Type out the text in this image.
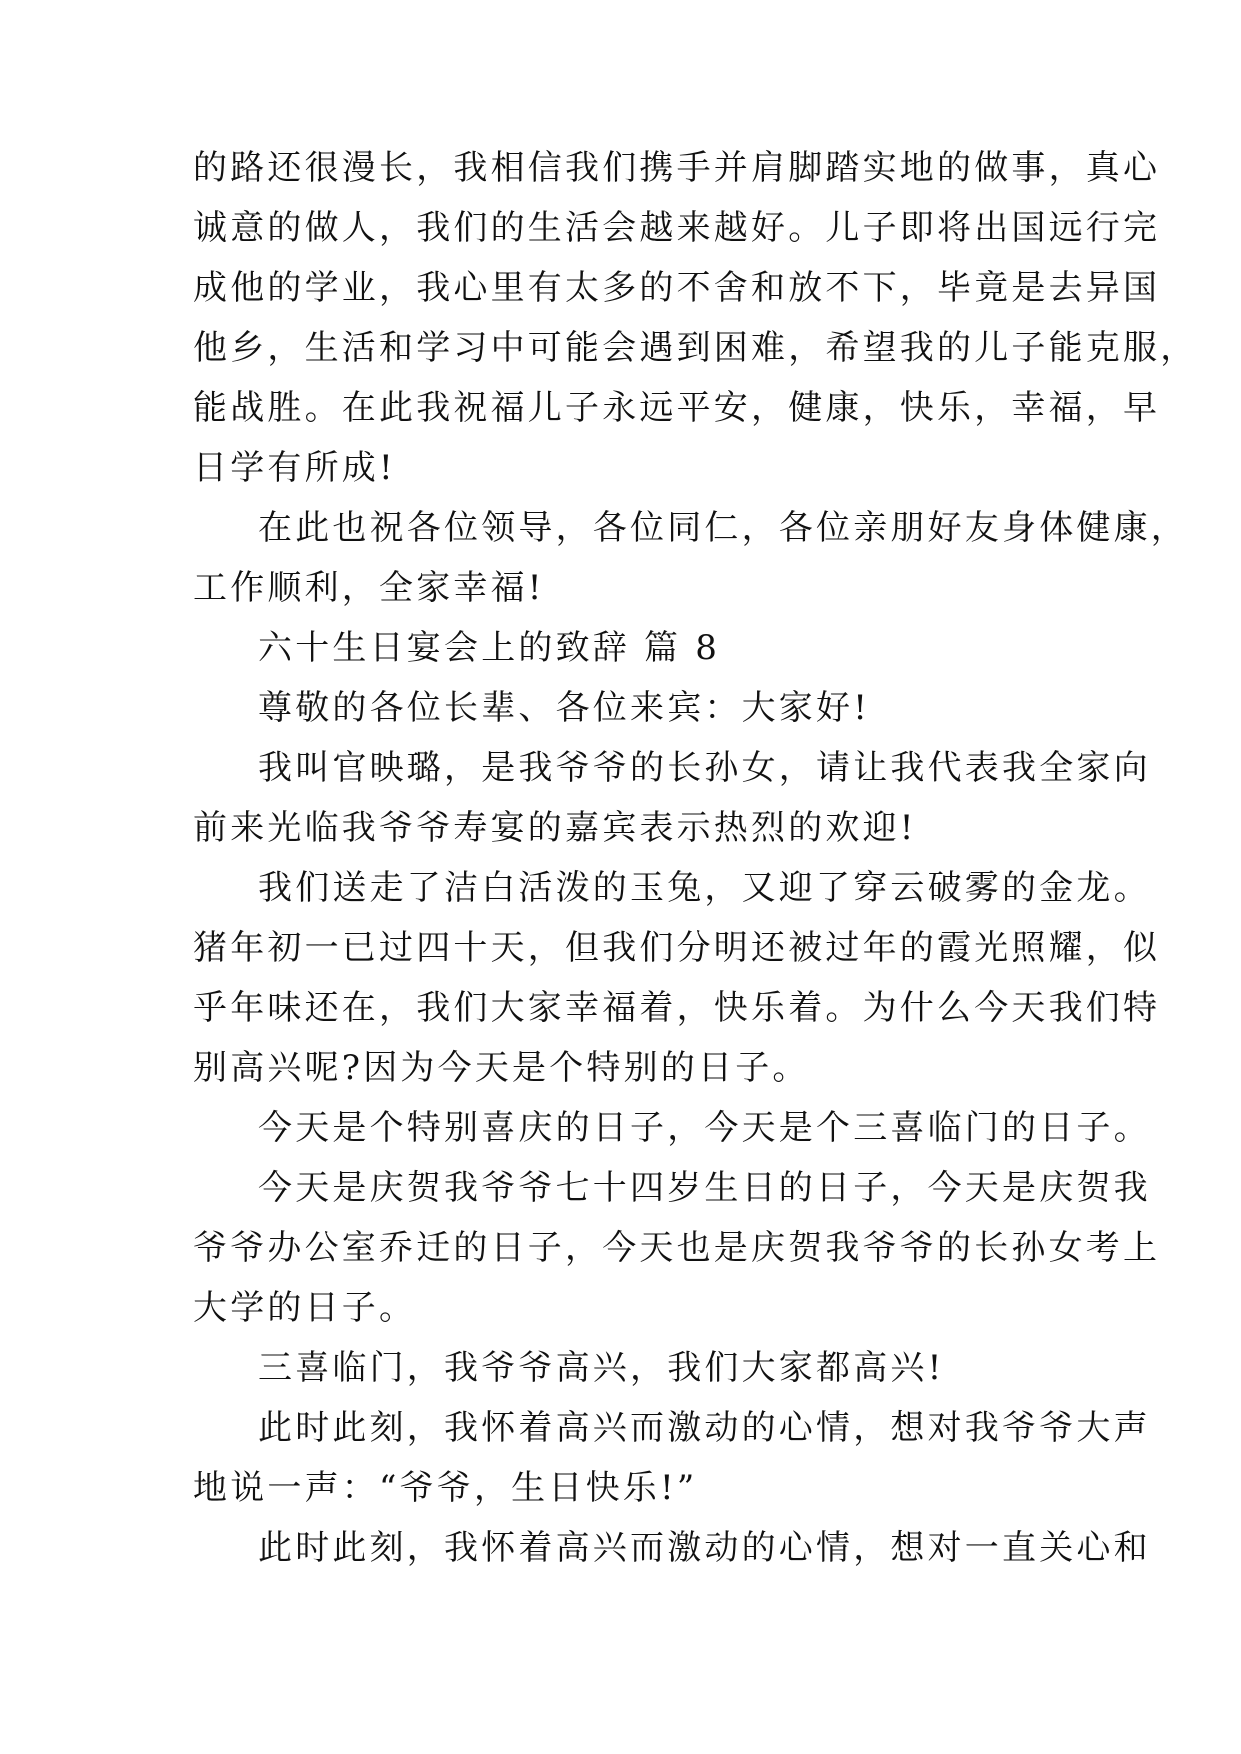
的路还很漫长，我相信我们携手并肩脚踏实地的做事，真心
诚意的做人，我们的生活会越来越好。儿子即将出国远行完
成他的学业，我心里有太多的不舍和放不下，毕竟是去异国
他乡，生活和学习中可能会遇到困难，希望我的儿子能克服，
能战胜。在此我祝福儿子永远平安，健康，快乐，幸福，早
日学有所成!
在此也祝各位领导，各位同仁，各位亲朋好友身体健康，
工作顺利，全家幸福!
六十生日宴会上的致辞 篇 8
尊敬的各位长辈、各位来宾：大家好!
我叫官映璐，是我爷爷的长孙女，请让我代表我全家向
前来光临我爷爷寿宴的嘉宾表示热烈的欢迎!
我们送走了洁白活泼的玉兔，又迎了穿云破雾的金龙。
猪年初一已过四十天，但我们分明还被过年的霞光照耀，似
乎年味还在，我们大家幸福着，快乐着。为什么今天我们特
别高兴呢?因为今天是个特别的日子。
今天是个特别喜庆的日子，今天是个三喜临门的日子。
今天是庆贺我爷爷七十四岁生日的日子，今天是庆贺我
爷爷办公室乔迁的日子，今天也是庆贺我爷爷的长孙女考上
大学的日子。
三喜临门，我爷爷高兴，我们大家都高兴!
此时此刻，我怀着高兴而激动的心情，想对我爷爷大声
地说一声：“爷爷，生日快乐!”
此时此刻，我怀着高兴而激动的心情，想对一直关心和
